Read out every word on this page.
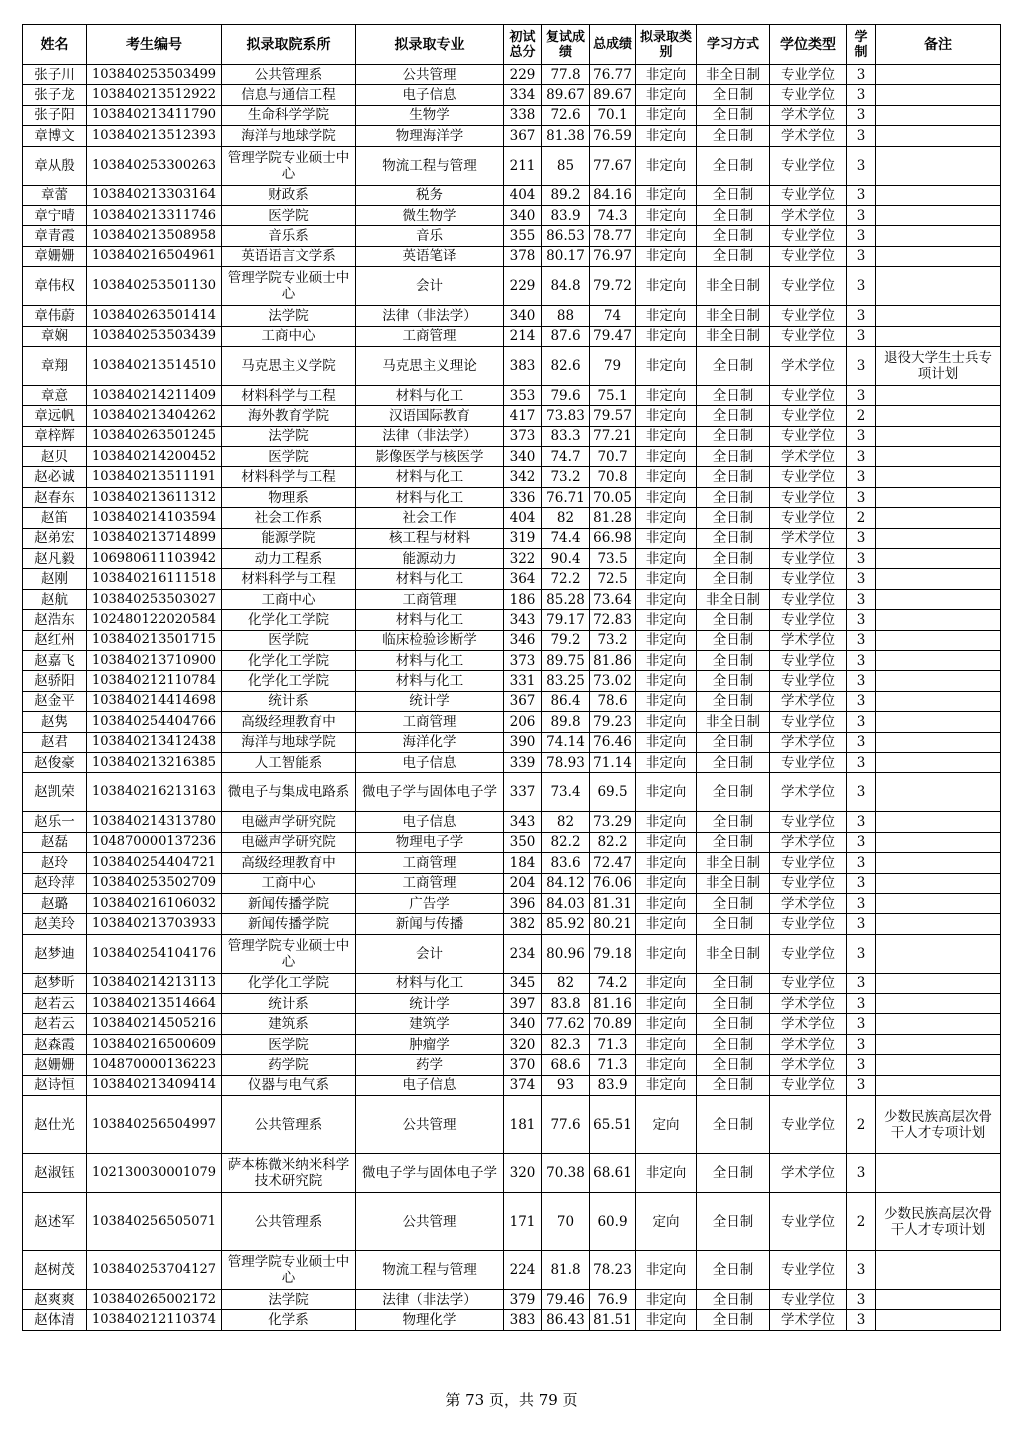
姓名	考生编号	拟录取院系所	拟录取专业	初试总分	复试成绩	总成绩	拟录取类别	学习方式	学位类型	学制	备注
张子川	103840253503499	公共管理系	公共管理	229	77.8	76.77	非定向	非全日制	专业学位	3	
张子龙	103840213512922	信息与通信工程	电子信息	334	89.67	89.67	非定向	全日制	专业学位	3	
张子阳	103840213411790	生命科学学院	生物学	338	72.6	70.1	非定向	全日制	学术学位	3	
章博文	103840213512393	海洋与地球学院	物理海洋学	367	81.38	76.59	非定向	全日制	学术学位	3	
章从殷	103840253300263	管理学院专业硕士中心	物流工程与管理	211	85	77.67	非定向	全日制	专业学位	3	
章蕾	103840213303164	财政系	税务	404	89.2	84.16	非定向	全日制	专业学位	3	
章宁晴	103840213311746	医学院	微生物学	340	83.9	74.3	非定向	全日制	学术学位	3	
章青霞	103840213508958	音乐系	音乐	355	86.53	78.77	非定向	全日制	专业学位	3	
章姗姗	103840216504961	英语语言文学系	英语笔译	378	80.17	76.97	非定向	全日制	专业学位	3	
章伟权	103840253501130	管理学院专业硕士中心	会计	229	84.8	79.72	非定向	非全日制	专业学位	3	
章伟蔚	103840263501414	法学院	法律（非法学）	340	88	74	非定向	非全日制	专业学位	3	
章娴	103840253503439	工商中心	工商管理	214	87.6	79.47	非定向	非全日制	专业学位	3	
章翔	103840213514510	马克思主义学院	马克思主义理论	383	82.6	79	非定向	全日制	学术学位	3	退役大学生士兵专项计划
章意	103840214211409	材料科学与工程	材料与化工	353	79.6	75.1	非定向	全日制	专业学位	3	
章远帆	103840213404262	海外教育学院	汉语国际教育	417	73.83	79.57	非定向	全日制	专业学位	2	
章梓辉	103840263501245	法学院	法律（非法学）	373	83.3	77.21	非定向	全日制	专业学位	3	
赵贝	103840214200452	医学院	影像医学与核医学	340	74.7	70.7	非定向	全日制	学术学位	3	
赵必诚	103840213511191	材料科学与工程	材料与化工	342	73.2	70.8	非定向	全日制	专业学位	3	
赵春东	103840213611312	物理系	材料与化工	336	76.71	70.05	非定向	全日制	专业学位	3	
赵笛	103840214103594	社会工作系	社会工作	404	82	81.28	非定向	全日制	专业学位	2	
赵弟宏	103840213714899	能源学院	核工程与材料	319	74.4	66.98	非定向	全日制	学术学位	3	
赵凡毅	106980611103942	动力工程系	能源动力	322	90.4	73.5	非定向	全日制	专业学位	3	
赵刚	103840216111518	材料科学与工程	材料与化工	364	72.2	72.5	非定向	全日制	专业学位	3	
赵航	103840253503027	工商中心	工商管理	186	85.28	73.64	非定向	非全日制	专业学位	3	
赵浩东	102480122020584	化学化工学院	材料与化工	343	79.17	72.83	非定向	全日制	专业学位	3	
赵红州	103840213501715	医学院	临床检验诊断学	346	79.2	73.2	非定向	全日制	学术学位	3	
赵嘉飞	103840213710900	化学化工学院	材料与化工	373	89.75	81.86	非定向	全日制	专业学位	3	
赵骄阳	103840212110784	化学化工学院	材料与化工	331	83.25	73.02	非定向	全日制	专业学位	3	
赵金平	103840214414698	统计系	统计学	367	86.4	78.6	非定向	全日制	学术学位	3	
赵隽	103840254404766	高级经理教育中	工商管理	206	89.8	79.23	非定向	非全日制	专业学位	3	
赵君	103840213412438	海洋与地球学院	海洋化学	390	74.14	76.46	非定向	全日制	学术学位	3	
赵俊豪	103840213216385	人工智能系	电子信息	339	78.93	71.14	非定向	全日制	专业学位	3	
赵凯荣	103840216213163	微电子与集成电路系	微电子学与固体电子学	337	73.4	69.5	非定向	全日制	学术学位	3	
赵乐一	103840214313780	电磁声学研究院	电子信息	343	82	73.29	非定向	全日制	专业学位	3	
赵磊	104870000137236	电磁声学研究院	物理电子学	350	82.2	82.2	非定向	全日制	学术学位	3	
赵玲	103840254404721	高级经理教育中	工商管理	184	83.6	72.47	非定向	非全日制	专业学位	3	
赵玲萍	103840253502709	工商中心	工商管理	204	84.12	76.06	非定向	非全日制	专业学位	3	
赵璐	103840216106032	新闻传播学院	广告学	396	84.03	81.31	非定向	全日制	学术学位	3	
赵美玲	103840213703933	新闻传播学院	新闻与传播	382	85.92	80.21	非定向	全日制	专业学位	3	
赵梦迪	103840254104176	管理学院专业硕士中心	会计	234	80.96	79.18	非定向	非全日制	专业学位	3	
赵梦昕	103840214213113	化学化工学院	材料与化工	345	82	74.2	非定向	全日制	专业学位	3	
赵若云	103840213514664	统计系	统计学	397	83.8	81.16	非定向	全日制	学术学位	3	
赵若云	103840214505216	建筑系	建筑学	340	77.62	70.89	非定向	全日制	学术学位	3	
赵森霞	103840216500609	医学院	肿瘤学	320	82.3	71.3	非定向	全日制	学术学位	3	
赵姗姗	104870000136223	药学院	药学	370	68.6	71.3	非定向	全日制	学术学位	3	
赵诗恒	103840213409414	仪器与电气系	电子信息	374	93	83.9	非定向	全日制	专业学位	3	
赵仕光	103840256504997	公共管理系	公共管理	181	77.6	65.51	定向	全日制	专业学位	2	少数民族高层次骨干人才专项计划
赵淑钰	102130030001079	萨本栋微米纳米科学技术研究院	微电子学与固体电子学	320	70.38	68.61	非定向	全日制	学术学位	3	
赵述军	103840256505071	公共管理系	公共管理	171	70	60.9	定向	全日制	专业学位	2	少数民族高层次骨干人才专项计划
赵树茂	103840253704127	管理学院专业硕士中心	物流工程与管理	224	81.8	78.23	非定向	全日制	专业学位	3	
赵爽爽	103840265002172	法学院	法律（非法学）	379	79.46	76.9	非定向	全日制	专业学位	3	
赵体清	103840212110374	化学系	物理化学	383	86.43	81.51	非定向	全日制	学术学位	3	
第 73 页，共 79 页
